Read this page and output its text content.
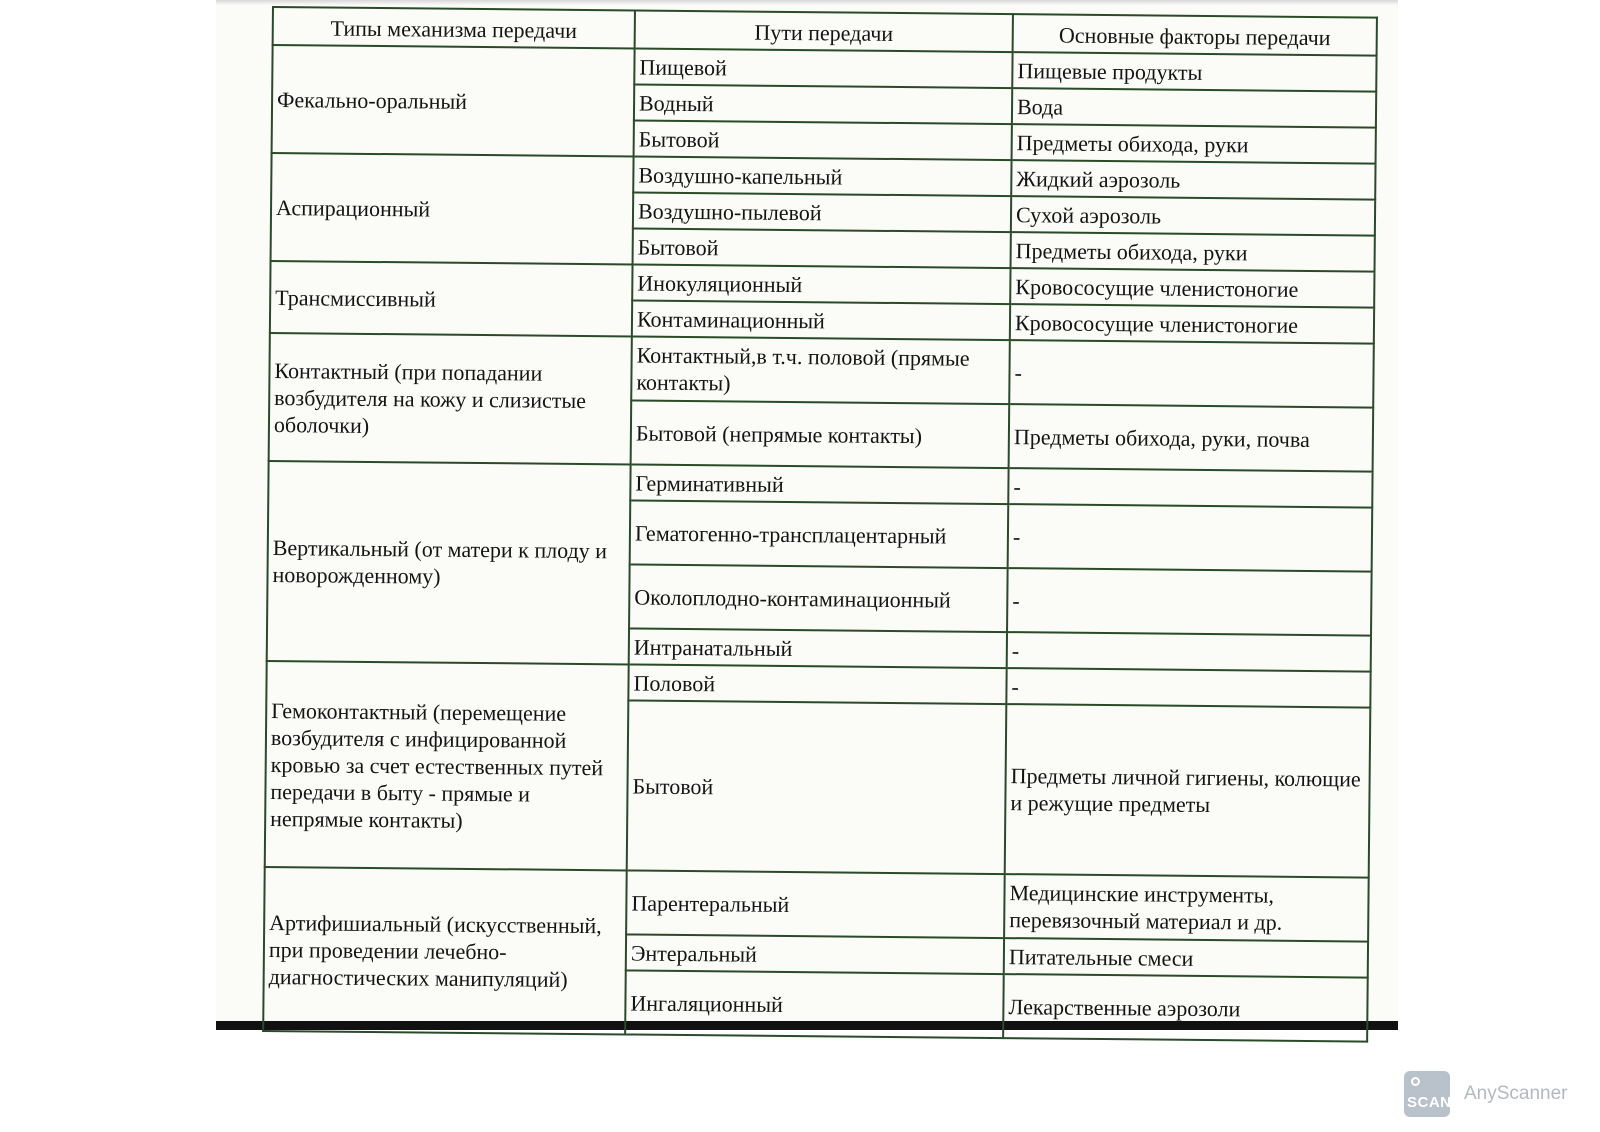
Типы механизма передачи	Пути передачи	Основные факторы передачи
Фекально-оральный	Пищевой	Пищевые продукты
	Водный	Вода
	Бытовой	Предметы обихода, руки
Аспирационный	Воздушно-капельный	Жидкий аэрозоль
	Воздушно-пылевой	Сухой аэрозоль
	Бытовой	Предметы обихода, руки
Трансмиссивный	Инокуляционный	Кровососущие членистоногие
	Контаминационный	Кровососущие членистоногие
Контактный (при попадании возбудителя на кожу и слизистые оболочки)	Контактный,в т.ч. половой (прямые контакты)	-
	Бытовой (непрямые контакты)	Предметы обихода, руки, почва
Вертикальный (от матери к плоду и новорожденному)	Герминативный	-
	Гематогенно-трансплацентарный	-
	Околоплодно-контаминационный	-
	Интранатальный	-
Гемоконтактный (перемещение возбудителя с инфицированной кровью за счет естественных путей передачи в быту - прямые и непрямые контакты)	Половой	-
	Бытовой	Предметы личной гигиены, колющие и режущие предметы
Артифишиальный (искусственный, при проведении лечебно-диагностических манипуляций)	Парентеральный	Медицинские инструменты, перевязочный материал и др.
	Энтеральный	Питательные смеси
	Ингаляционный	Лекарственные аэрозоли
SCAN AnyScanner
